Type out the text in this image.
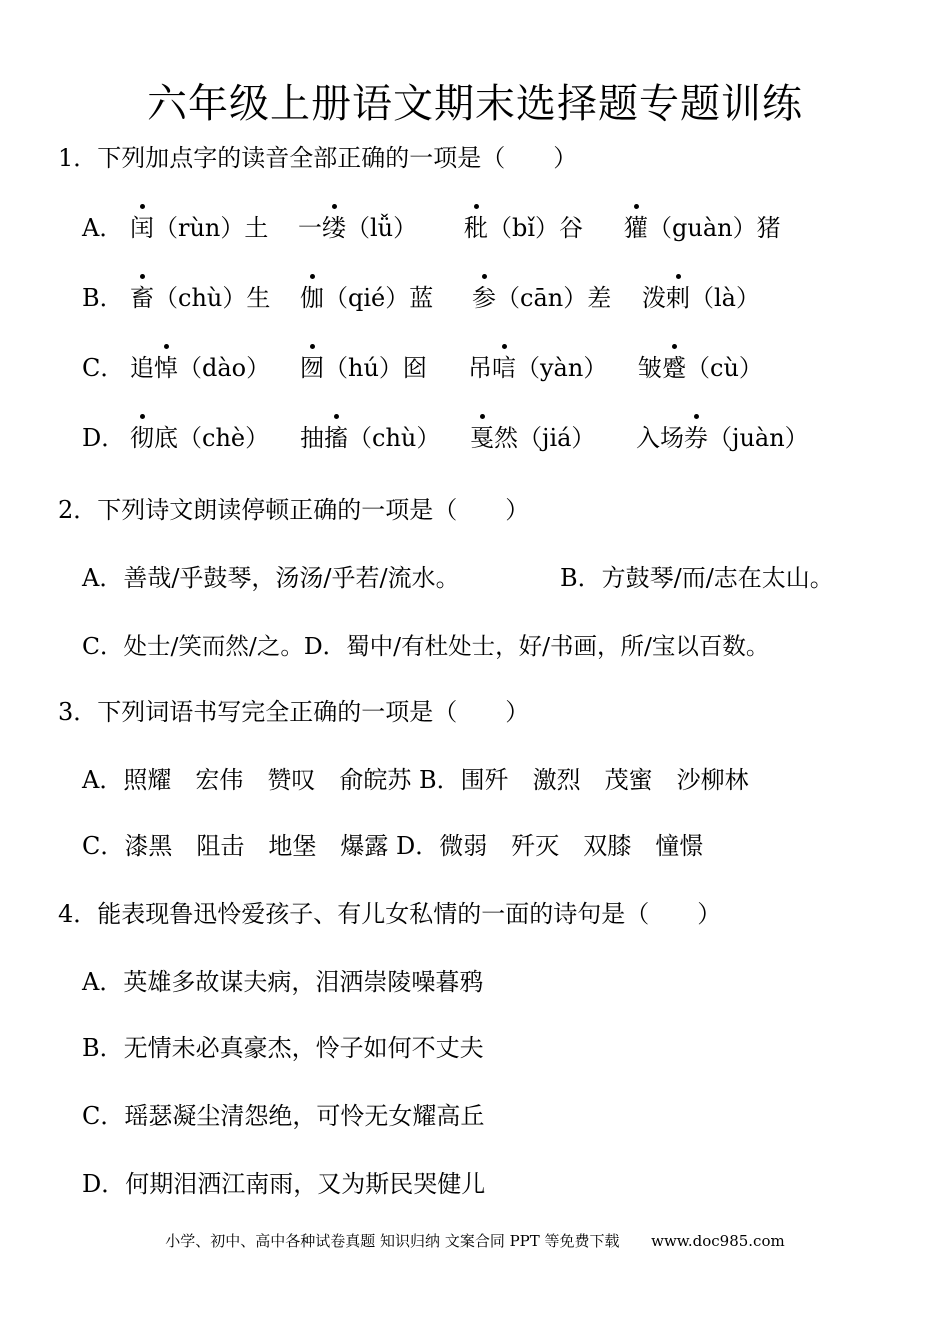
六年级上册语文期末选择题专题训练
1．下列加点字的读音全部正确的一项是（　　）
A． 闰（rùn）土 一缕（lǚ） 秕（bǐ）谷 獾（guàn）猪
B． 畜（chù）生 伽（qié）蓝 参（cān）差 泼剌（là）
C． 追悼（dào） 囫（hú）囵 吊唁（yàn） 皱蹙（cù）
D． 彻底（chè） 抽搐（chù） 戛然（jiá） 入场券（juàn）
2．下列诗文朗读停顿正确的一项是（　　）
A．善哉/乎鼓琴，汤汤/乎若/流水。	B．方鼓琴/而/志在太山。
C．处士/笑而然/之。D．蜀中/有杜处士，好/书画，所/宝以百数。
3．下列词语书写完全正确的一项是（　　）
A．照耀　宏伟　赞叹　俞皖苏 B．围歼　激烈　茂蜜　沙柳林
C．漆黑　阻击　地堡　爆露 D．微弱　歼灭　双膝　憧憬
4．能表现鲁迅怜爱孩子、有儿女私情的一面的诗句是（　　）
A．英雄多故谋夫病，泪洒崇陵噪暮鸦
B．无情未必真豪杰，怜子如何不丈夫
C．瑶瑟凝尘清怨绝，可怜无女耀高丘
D．何期泪洒江南雨，又为斯民哭健儿
小学、初中、高中各种试卷真题 知识归纳 文案合同 PPT 等免费下载 www.doc985.com
